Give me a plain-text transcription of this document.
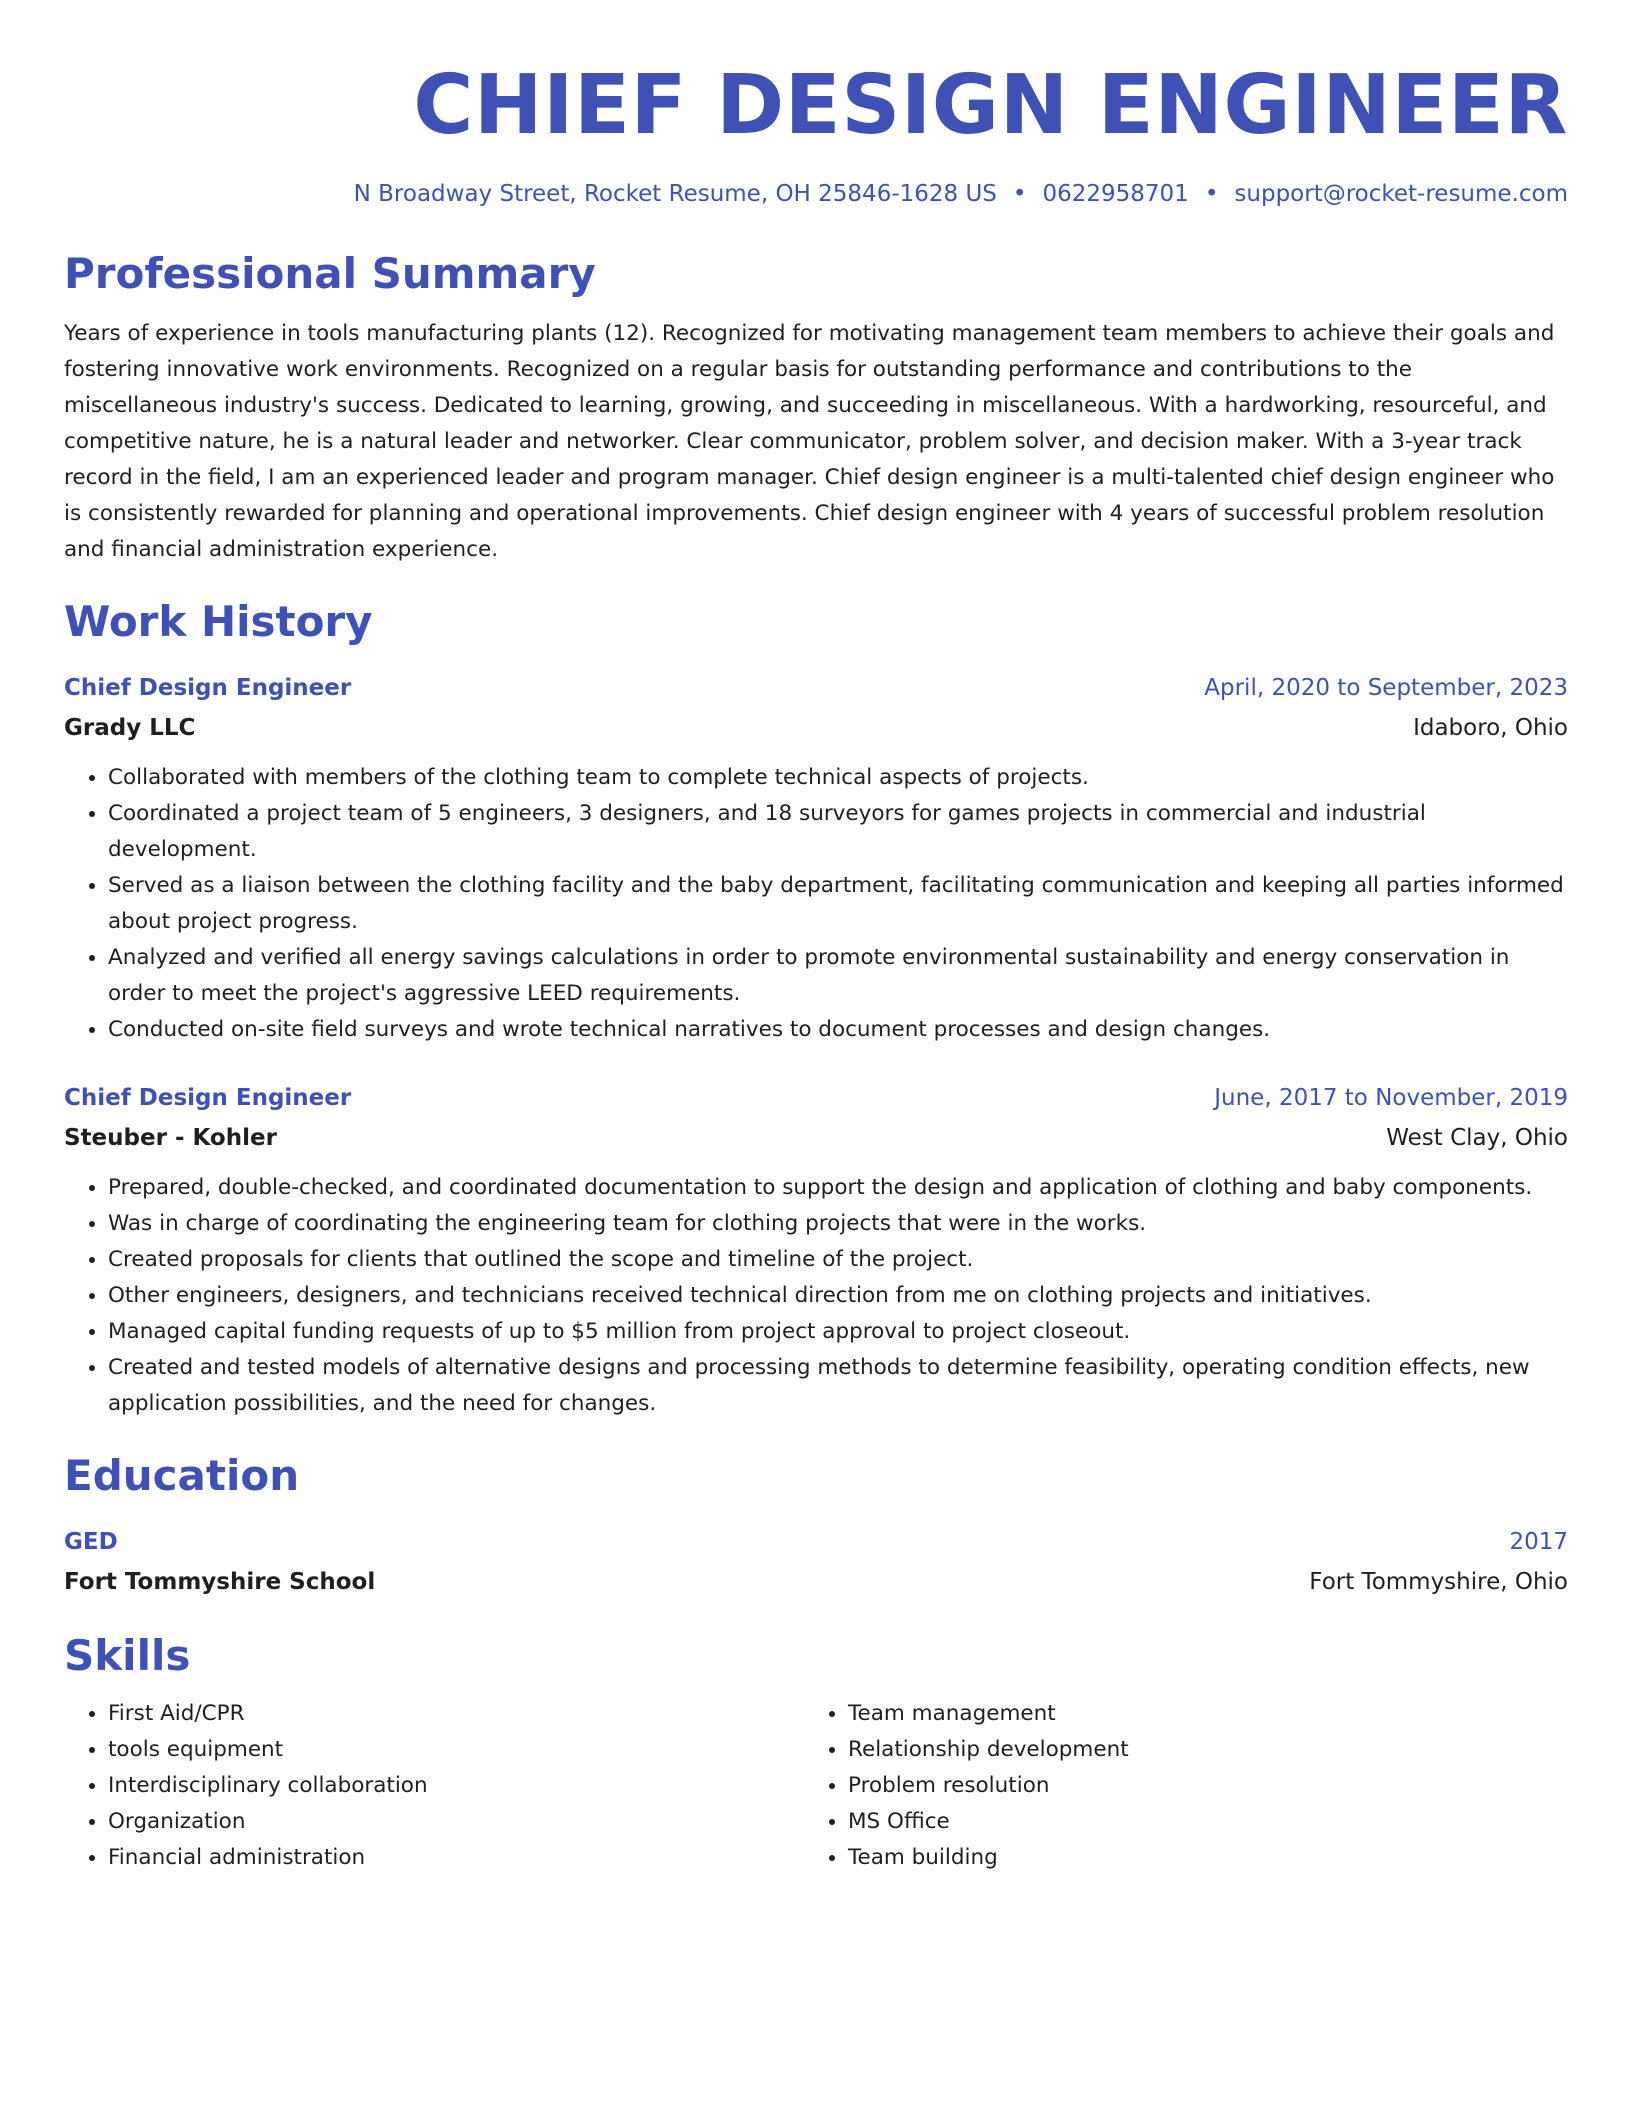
CHIEF DESIGN ENGINEER
N Broadway Street, Rocket Resume, OH 25846-1628 US • 0622958701 • support@rocket-resume.com
Professional Summary
Years of experience in tools manufacturing plants (12). Recognized for motivating management team members to achieve their goals and fostering innovative work environments. Recognized on a regular basis for outstanding performance and contributions to the miscellaneous industry's success. Dedicated to learning, growing, and succeeding in miscellaneous. With a hardworking, resourceful, and competitive nature, he is a natural leader and networker. Clear communicator, problem solver, and decision maker. With a 3-year track record in the field, I am an experienced leader and program manager. Chief design engineer is a multi-talented chief design engineer who is consistently rewarded for planning and operational improvements. Chief design engineer with 4 years of successful problem resolution and financial administration experience.
Work History
Chief Design Engineer	April, 2020 to September, 2023
Grady LLC	Idaboro, Ohio
• Collaborated with members of the clothing team to complete technical aspects of projects.
• Coordinated a project team of 5 engineers, 3 designers, and 18 surveyors for games projects in commercial and industrial development.
• Served as a liaison between the clothing facility and the baby department, facilitating communication and keeping all parties informed about project progress.
• Analyzed and verified all energy savings calculations in order to promote environmental sustainability and energy conservation in order to meet the project's aggressive LEED requirements.
• Conducted on-site field surveys and wrote technical narratives to document processes and design changes.
Chief Design Engineer	June, 2017 to November, 2019
Steuber - Kohler	West Clay, Ohio
• Prepared, double-checked, and coordinated documentation to support the design and application of clothing and baby components.
• Was in charge of coordinating the engineering team for clothing projects that were in the works.
• Created proposals for clients that outlined the scope and timeline of the project.
• Other engineers, designers, and technicians received technical direction from me on clothing projects and initiatives.
• Managed capital funding requests of up to $5 million from project approval to project closeout.
• Created and tested models of alternative designs and processing methods to determine feasibility, operating condition effects, new application possibilities, and the need for changes.
Education
GED	2017
Fort Tommyshire School	Fort Tommyshire, Ohio
Skills
• First Aid/CPR
• tools equipment
• Interdisciplinary collaboration
• Organization
• Financial administration
• Team management
• Relationship development
• Problem resolution
• MS Office
• Team building
